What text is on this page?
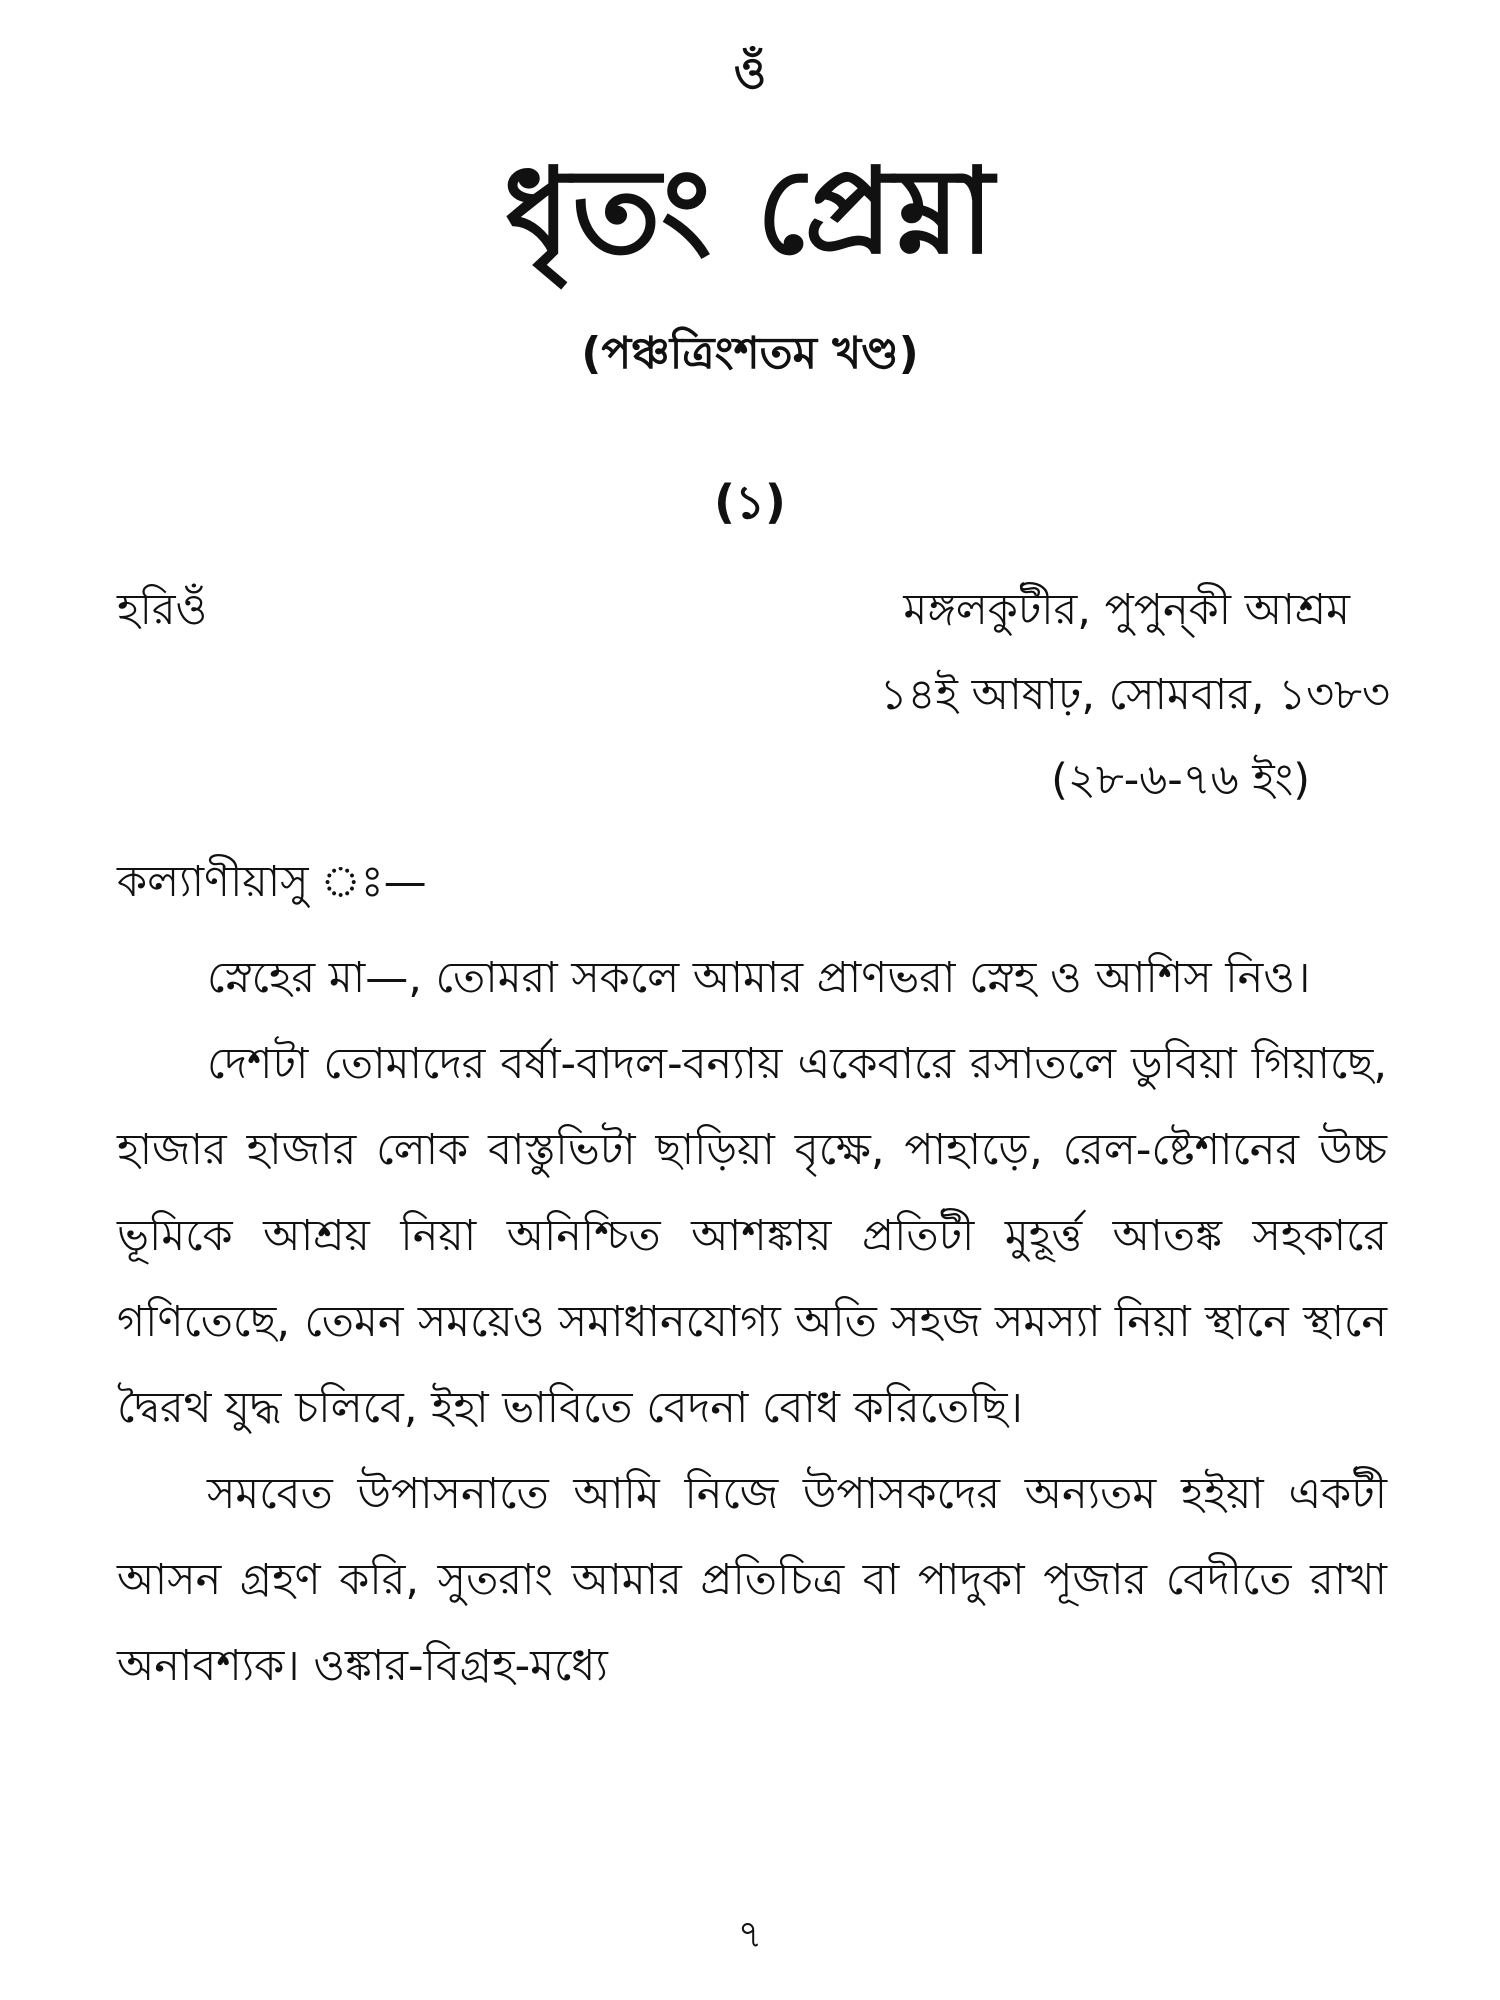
ওঁ
ধৃতং প্রেম্না
(পঞ্চত্রিংশতম খণ্ড)
(১)
হরিওঁ	মঙ্গলকুটীর, পুপুন্‌কী আশ্রম
১৪ই আষাঢ়, সোমবার, ১৩৮৩
(২৮-৬-৭৬ ইং)
কল্যাণীয়াসু ঃ—

স্নেহের মা—, তোমরা সকলে আমার প্রাণভরা স্নেহ ও আশিস নিও।

দেশটা তোমাদের বর্ষা-বাদল-বন্যায় একেবারে রসাতলে ডুবিয়া গিয়াছে, হাজার হাজার লোক বাস্তুভিটা ছাড়িয়া বৃক্ষে, পাহাড়ে, রেল-ষ্টেশানের উচ্চ ভূমিকে আশ্রয় নিয়া অনিশ্চিত আশঙ্কায় প্রতিটী মুহূর্ত্ত আতঙ্ক সহকারে গণিতেছে, তেমন সময়েও সমাধানযোগ্য অতি সহজ সমস্যা নিয়া স্থানে স্থানে দ্বৈরথ যুদ্ধ চলিবে, ইহা ভাবিতে বেদনা বোধ করিতেছি।

সমবেত উপাসনাতে আমি নিজে উপাসকদের অন্যতম হইয়া একটী আসন গ্রহণ করি, সুতরাং আমার প্রতিচিত্র বা পাদুকা পূজার বেদীতে রাখা অনাবশ্যক। ওঙ্কার-বিগ্রহ-মধ্যে

৭
